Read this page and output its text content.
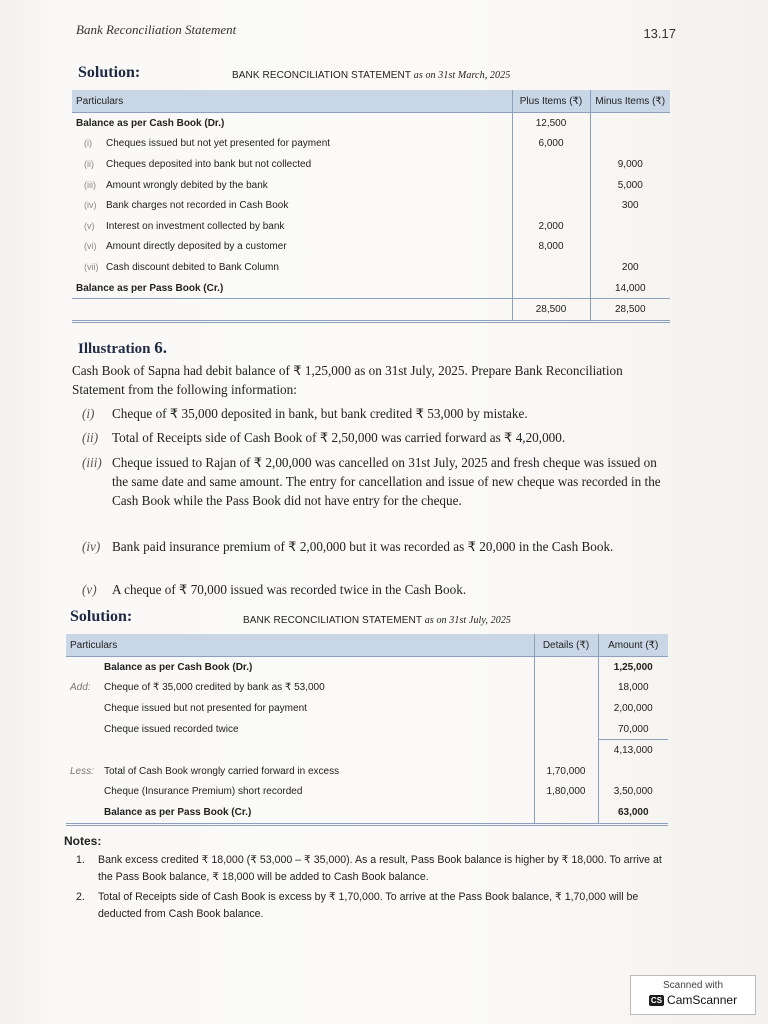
Bank Reconciliation Statement	13.17
Solution:	BANK RECONCILIATION STATEMENT as on 31st March, 2025
Particulars	Plus Items (₹)	Minus Items (₹)
Balance as per Cash Book (Dr.)	12,500	
(i) Cheques issued but not yet presented for payment	6,000	
(ii) Cheques deposited into bank but not collected		9,000
(iii) Amount wrongly debited by the bank		5,000
(iv) Bank charges not recorded in Cash Book		300
(v) Interest on investment collected by bank	2,000	
(vi) Amount directly deposited by a customer	8,000	
(vii) Cash discount debited to Bank Column		200
Balance as per Pass Book (Cr.)		14,000
	28,500	28,500
Illustration 6.
Cash Book of Sapna had debit balance of ₹ 1,25,000 as on 31st July, 2025. Prepare Bank Reconciliation Statement from the following information:
(i) Cheque of ₹ 35,000 deposited in bank, but bank credited ₹ 53,000 by mistake.
(ii) Total of Receipts side of Cash Book of ₹ 2,50,000 was carried forward as ₹ 4,20,000.
(iii) Cheque issued to Rajan of ₹ 2,00,000 was cancelled on 31st July, 2025 and fresh cheque was issued on the same date and same amount. The entry for cancellation and issue of new cheque was recorded in the Cash Book while the Pass Book did not have entry for the cheque.
(iv) Bank paid insurance premium of ₹ 2,00,000 but it was recorded as ₹ 20,000 in the Cash Book.
(v) A cheque of ₹ 70,000 issued was recorded twice in the Cash Book.
Solution:	BANK RECONCILIATION STATEMENT as on 31st July, 2025
Particulars	Details (₹)	Amount (₹)
Balance as per Cash Book (Dr.)		1,25,000
Add: Cheque of ₹ 35,000 credited by bank as ₹ 53,000		18,000
Cheque issued but not presented for payment		2,00,000
Cheque issued recorded twice		70,000
		4,13,000
Less: Total of Cash Book wrongly carried forward in excess	1,70,000	
Cheque (Insurance Premium) short recorded	1,80,000	3,50,000
Balance as per Pass Book (Cr.)		63,000
Notes:
1. Bank excess credited ₹ 18,000 (₹ 53,000 – ₹ 35,000). As a result, Pass Book balance is higher by ₹ 18,000. To arrive at the Pass Book balance, ₹ 18,000 will be added to Cash Book balance.
2. Total of Receipts side of Cash Book is excess by ₹ 1,70,000. To arrive at the Pass Book balance, ₹ 1,70,000 will be deducted from Cash Book balance.
Scanned with
CS CamScanner
